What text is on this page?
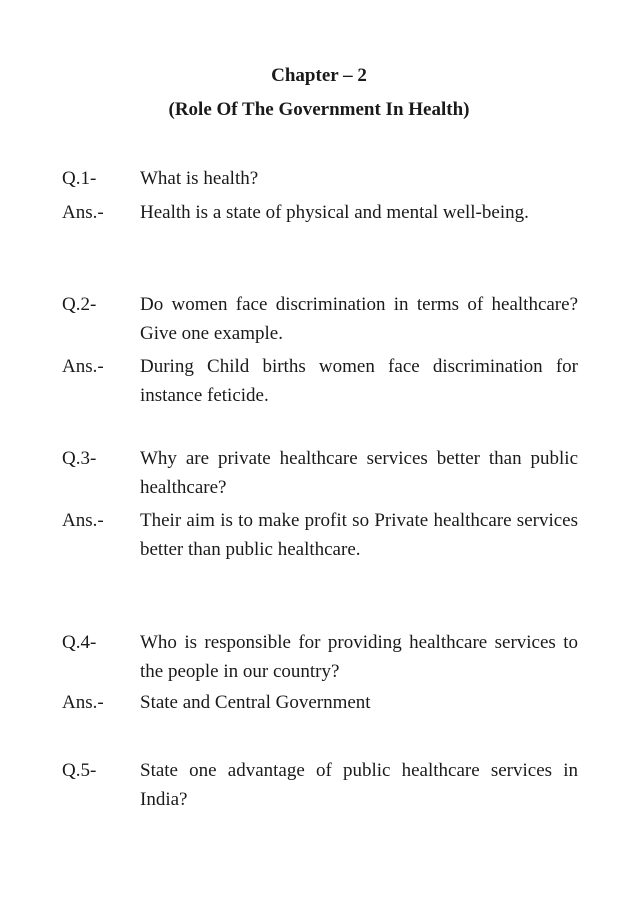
Chapter – 2
(Role Of The Government In Health)
Q.1-	What is health?
Ans.-	Health is a state of physical and mental well-being.
Q.2-	Do women face discrimination in terms of healthcare? Give one example.
Ans.-	During Child births women face discrimination for instance feticide.
Q.3-	Why are private healthcare services better than public healthcare?
Ans.-	Their aim is to make profit so Private healthcare services better than public healthcare.
Q.4-	Who is responsible for providing healthcare services to the people in our country?
Ans.-	State and Central Government
Q.5-	State one advantage of public healthcare services in India?
